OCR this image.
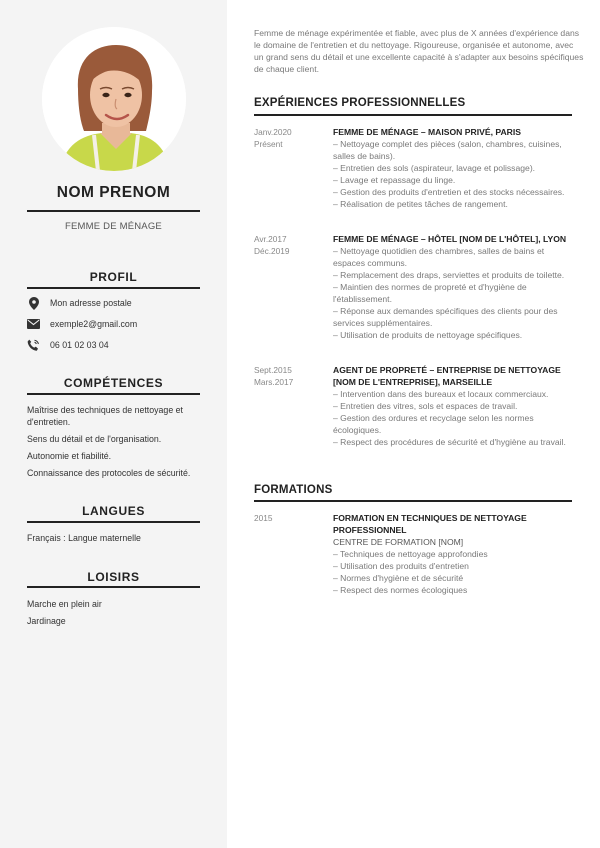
NOM PRENOM
FEMME DE MÉNAGE
PROFIL
Mon adresse postale
exemple2@gmail.com
06 01 02 03 04
COMPÉTENCES
Maîtrise des techniques de nettoyage et d'entretien.
Sens du détail et de l'organisation.
Autonomie et fiabilité.
Connaissance des protocoles de sécurité.
LANGUES
Français : Langue maternelle
LOISIRS
Marche en plein air
Jardinage
Femme de ménage expérimentée et fiable, avec plus de X années d'expérience dans le domaine de l'entretien et du nettoyage. Rigoureuse, organisée et autonome, avec un grand sens du détail et une excellente capacité à s'adapter aux besoins spécifiques de chaque client.
EXPÉRIENCES PROFESSIONNELLES
Janv.2020
Présent
FEMME DE MÉNAGE – MAISON PRIVÉ, PARIS
– Nettoyage complet des pièces (salon, chambres, cuisines, salles de bains).
– Entretien des sols (aspirateur, lavage et polissage).
– Lavage et repassage du linge.
– Gestion des produits d'entretien et des stocks nécessaires.
– Réalisation de petites tâches de rangement.
Avr.2017
Déc.2019
FEMME DE MÉNAGE – HÔTEL [NOM DE L'HÔTEL], LYON
– Nettoyage quotidien des chambres, salles de bains et espaces communs.
– Remplacement des draps, serviettes et produits de toilette.
– Maintien des normes de propreté et d'hygiène de l'établissement.
– Réponse aux demandes spécifiques des clients pour des services supplémentaires.
– Utilisation de produits de nettoyage spécifiques.
Sept.2015
Mars.2017
AGENT DE PROPRETÉ – ENTREPRISE DE NETTOYAGE [NOM DE L'ENTREPRISE], MARSEILLE
– Intervention dans des bureaux et locaux commerciaux.
– Entretien des vitres, sols et espaces de travail.
– Gestion des ordures et recyclage selon les normes écologiques.
– Respect des procédures de sécurité et d'hygiène au travail.
FORMATIONS
2015	FORMATION EN TECHNIQUES DE NETTOYAGE PROFESSIONNEL
CENTRE DE FORMATION [NOM]
– Techniques de nettoyage approfondies
– Utilisation des produits d'entretien
– Normes d'hygiène et de sécurité
– Respect des normes écologiques
